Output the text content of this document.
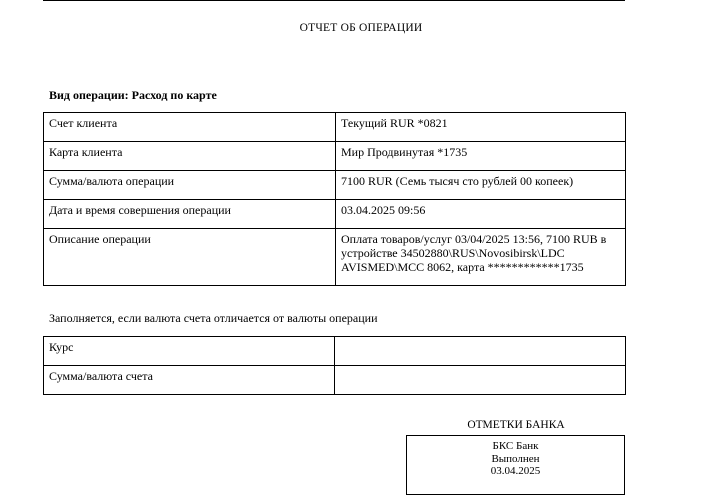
ОТЧЕТ ОБ ОПЕРАЦИИ
Вид операции: Расход по карте
Счет клиента	Текущий RUR *0821
Карта клиента	Мир Продвинутая *1735
Сумма/валюта операции	7100 RUR (Семь тысяч сто рублей 00 копеек)
Дата и время совершения операции	03.04.2025 09:56
Описание операции	Оплата товаров/услуг 03/04/2025 13:56, 7100 RUB в устройстве 34502880\RUS\Novosibirsk\LDC AVISMED\MCC 8062, карта ************1735
Заполняется, если валюта счета отличается от валюты операции
Курс	
Сумма/валюта счета	
ОТМЕТКИ БАНКА
БКС Банк
Выполнен
03.04.2025
